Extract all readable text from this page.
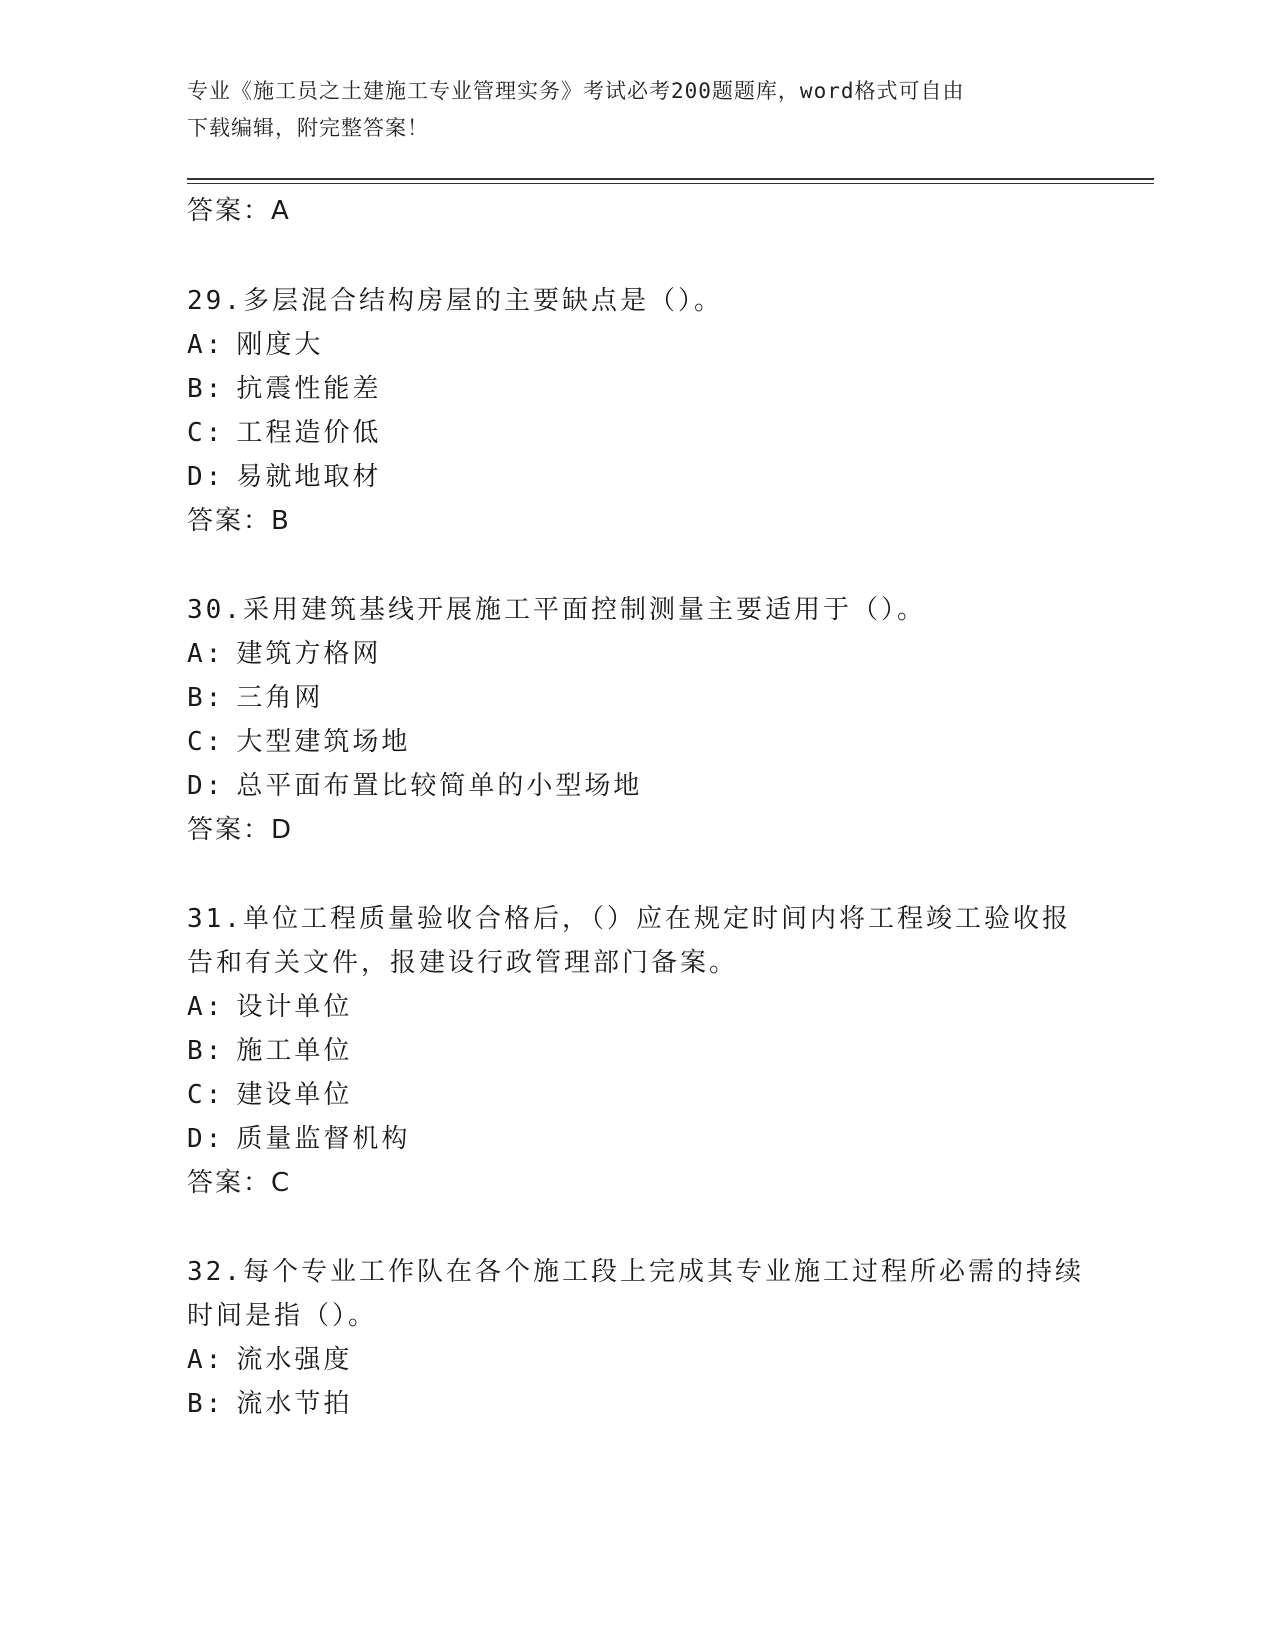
专业《施工员之土建施工专业管理实务》考试必考200题题库，word格式可自由
下载编辑，附完整答案！
答案：A
29.多层混合结构房屋的主要缺点是（）。
A: 刚度大
B: 抗震性能差
C: 工程造价低
D: 易就地取材
答案：B
30.采用建筑基线开展施工平面控制测量主要适用于（）。
A: 建筑方格网
B: 三角网
C: 大型建筑场地
D: 总平面布置比较简单的小型场地
答案：D
31.单位工程质量验收合格后，（）应在规定时间内将工程竣工验收报
告和有关文件，报建设行政管理部门备案。
A: 设计单位
B: 施工单位
C: 建设单位
D: 质量监督机构
答案：C
32.每个专业工作队在各个施工段上完成其专业施工过程所必需的持续
时间是指（）。
A: 流水强度
B: 流水节拍
